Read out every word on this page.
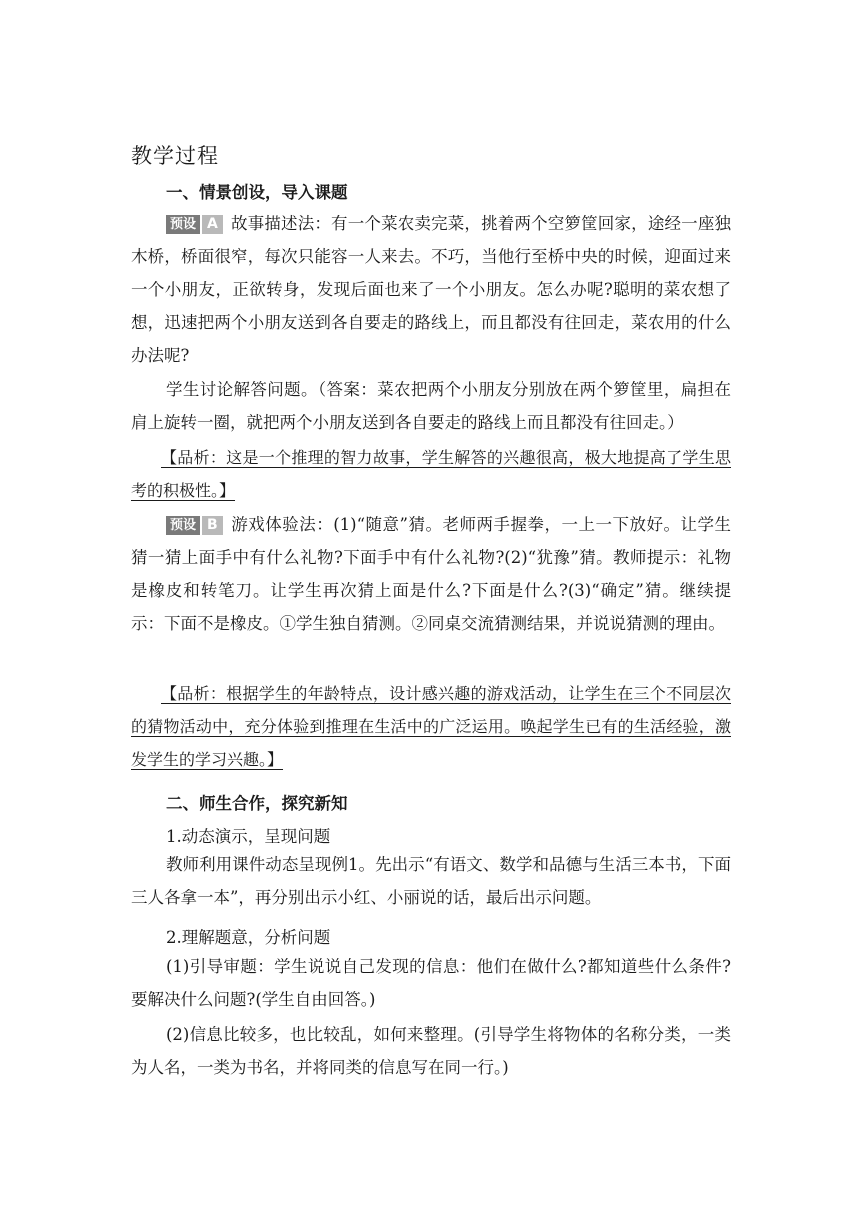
教学过程
一、情景创设，导入课题

预设 A 故事描述法：有一个菜农卖完菜，挑着两个空箩筐回家，途经一座独木桥，桥面很窄，每次只能容一人来去。不巧，当他行至桥中央的时候，迎面过来一个小朋友，正欲转身，发现后面也来了一个小朋友。怎么办呢?聪明的菜农想了想，迅速把两个小朋友送到各自要走的路线上，而且都没有往回走，菜农用的什么办法呢?

学生讨论解答问题。（答案：菜农把两个小朋友分别放在两个箩筐里，扁担在肩上旋转一圈，就把两个小朋友送到各自要走的路线上而且都没有往回走。）

【品析：这是一个推理的智力故事，学生解答的兴趣很高，极大地提高了学生思考的积极性。】

预设 B 游戏体验法：(1)“随意”猜。老师两手握拳，一上一下放好。让学生猜一猜上面手中有什么礼物?下面手中有什么礼物?(2)“犹豫”猜。教师提示：礼物是橡皮和转笔刀。让学生再次猜上面是什么?下面是什么?(3)“确定”猜。继续提示：下面不是橡皮。①学生独自猜测。②同桌交流猜测结果，并说说猜测的理由。

【品析：根据学生的年龄特点，设计感兴趣的游戏活动，让学生在三个不同层次的猜物活动中，充分体验到推理在生活中的广泛运用。唤起学生已有的生活经验，激发学生的学习兴趣。】

二、师生合作，探究新知
1.动态演示，呈现问题

教师利用课件动态呈现例1。先出示“有语文、数学和品德与生活三本书，下面三人各拿一本”，再分别出示小红、小丽说的话，最后出示问题。

2.理解题意，分析问题

(1)引导审题：学生说说自己发现的信息：他们在做什么?都知道些什么条件?要解决什么问题?(学生自由回答。)

(2)信息比较多，也比较乱，如何来整理。(引导学生将物体的名称分类，一类为人名，一类为书名，并将同类的信息写在同一行。)
